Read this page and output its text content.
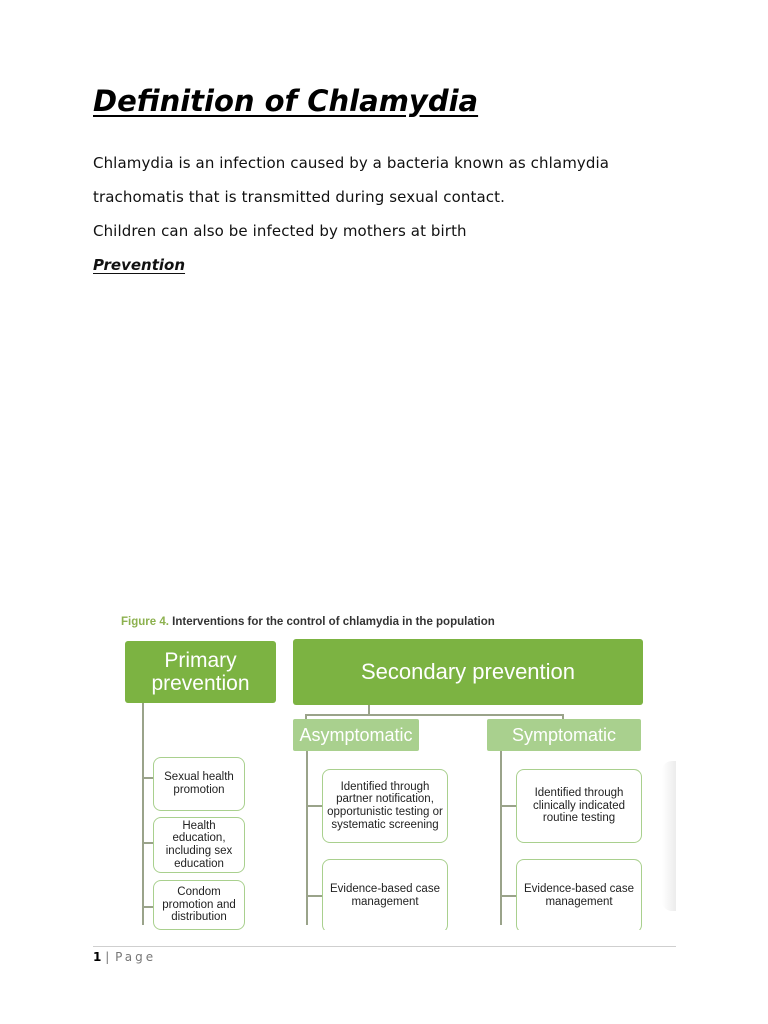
Definition of Chlamydia
Chlamydia is an infection caused by a bacteria known as chlamydia
trachomatis that is transmitted during sexual contact.
Children can also be infected by mothers at birth
Prevention
Figure 4. Interventions for the control of chlamydia in the population
Primary prevention	Secondary prevention
Asymptomatic	Symptomatic
Sexual health promotion
Health education, including sex education
Condom promotion and distribution
Identified through partner notification, opportunistic testing or systematic screening
Evidence-based case management
Identified through clinically indicated routine testing
Evidence-based case management
1 | Page
